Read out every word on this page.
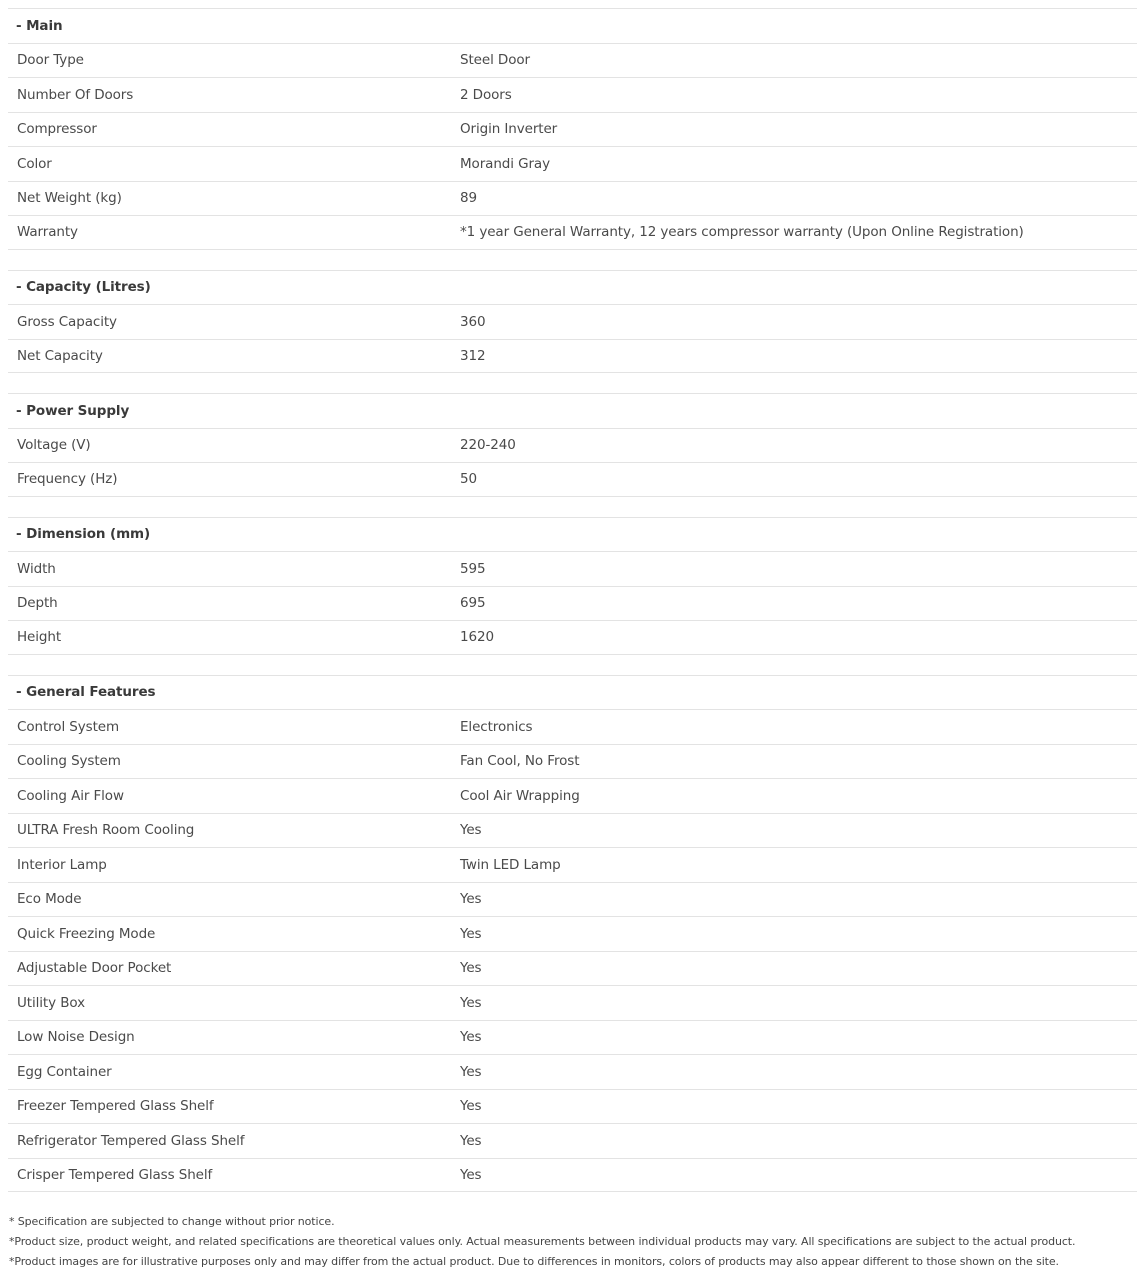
- Main
Door Type	Steel Door
Number Of Doors	2 Doors
Compressor	Origin Inverter
Color	Morandi Gray
Net Weight (kg)	89
Warranty	*1 year General Warranty, 12 years compressor warranty (Upon Online Registration)
- Capacity (Litres)
Gross Capacity	360
Net Capacity	312
- Power Supply
Voltage (V)	220-240
Frequency (Hz)	50
- Dimension (mm)
Width	595
Depth	695
Height	1620
- General Features
Control System	Electronics
Cooling System	Fan Cool, No Frost
Cooling Air Flow	Cool Air Wrapping
ULTRA Fresh Room Cooling	Yes
Interior Lamp	Twin LED Lamp
Eco Mode	Yes
Quick Freezing Mode	Yes
Adjustable Door Pocket	Yes
Utility Box	Yes
Low Noise Design	Yes
Egg Container	Yes
Freezer Tempered Glass Shelf	Yes
Refrigerator Tempered Glass Shelf	Yes
Crisper Tempered Glass Shelf	Yes
* Specification are subjected to change without prior notice.
*Product size, product weight, and related specifications are theoretical values only. Actual measurements between individual products may vary. All specifications are subject to the actual product.
*Product images are for illustrative purposes only and may differ from the actual product. Due to differences in monitors, colors of products may also appear different to those shown on the site.
